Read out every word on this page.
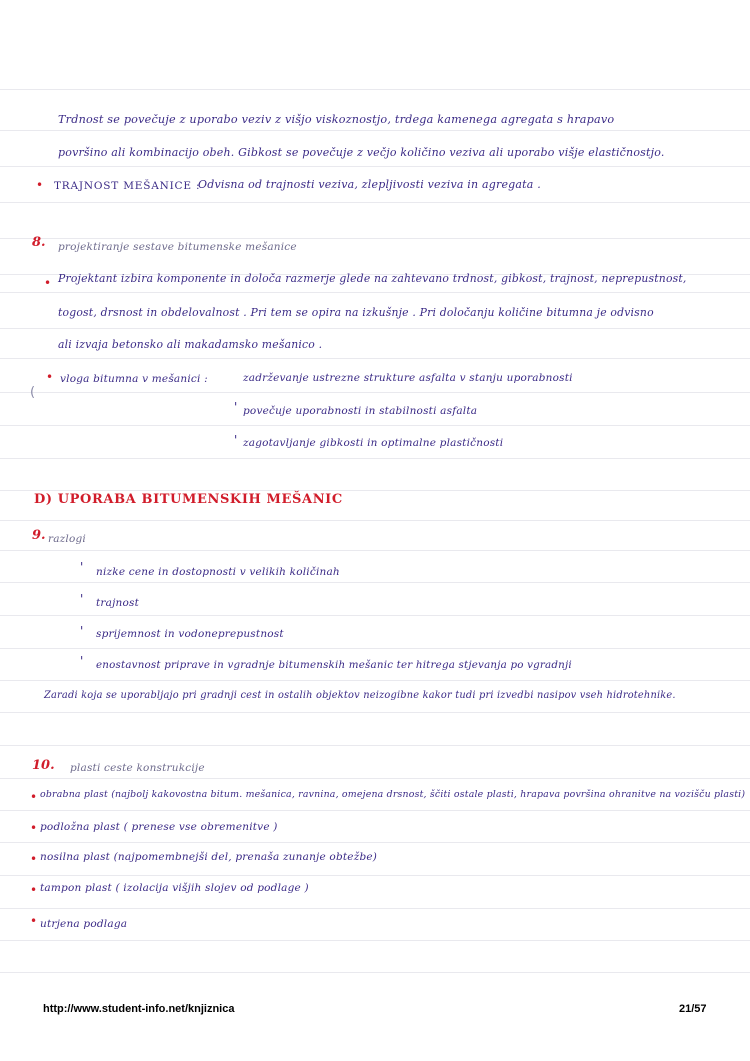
Trdnost se povečuje z uporabo veziv z višjo viskoznostjo, trdega kamenega agregata s hrapavo
površino ali kombinacijo obeh. Gibkost se povečuje z večjo količino veziva ali uporabo višje elastičnostjo.
• TRAJNOST MEŠANICE :
Odvisna od trajnosti veziva, zlepljivosti veziva in agregata .
8. projektiranje sestave bitumenske mešanice
• Projektant izbira komponente in določa razmerje glede na zahtevano trdnost, gibkost, trajnost, neprepustnost,
togost, drsnost in obdelovalnost . Pri tem se opira na izkušnje . Pri določanju količine bitumna je odvisno
ali izvaja betonsko ali makadamsko mešanico .
•
(
vloga bitumna v mešanici :	zadrževanje ustrezne strukture asfalta v stanju uporabnosti
' povečuje uporabnosti in stabilnosti asfalta
' zagotavljanje gibkosti in optimalne plastičnosti
D) UPORABA BITUMENSKIH MEŠANIC
9. razlogi
' nizke cene in dostopnosti v velikih količinah
' trajnost
' sprijemnost in vodoneprepustnost
' enostavnost priprave in vgradnje bitumenskih mešanic ter hitrega stjevanja po vgradnji
Zaradi koja se uporabljajo pri gradnji cest in ostalih objektov neizogibne kakor tudi pri izvedbi nasipov vseh hidrotehnike.
10. plasti ceste konstrukcije
• obrabna plast (najbolj kakovostna bitum. mešanica, ravnina, omejena drsnost, ščiti ostale plasti, hrapava površina ohranitve na vozišču plasti)
• podložna plast ( prenese vse obremenitve )
• nosilna plast (najpomembnejši del, prenaša zunanje obtežbe)
• tampon plast ( izolacija višjih slojev od podlage )
• utrjena podlaga
http://www.student-info.net/knjiznica	21/57
